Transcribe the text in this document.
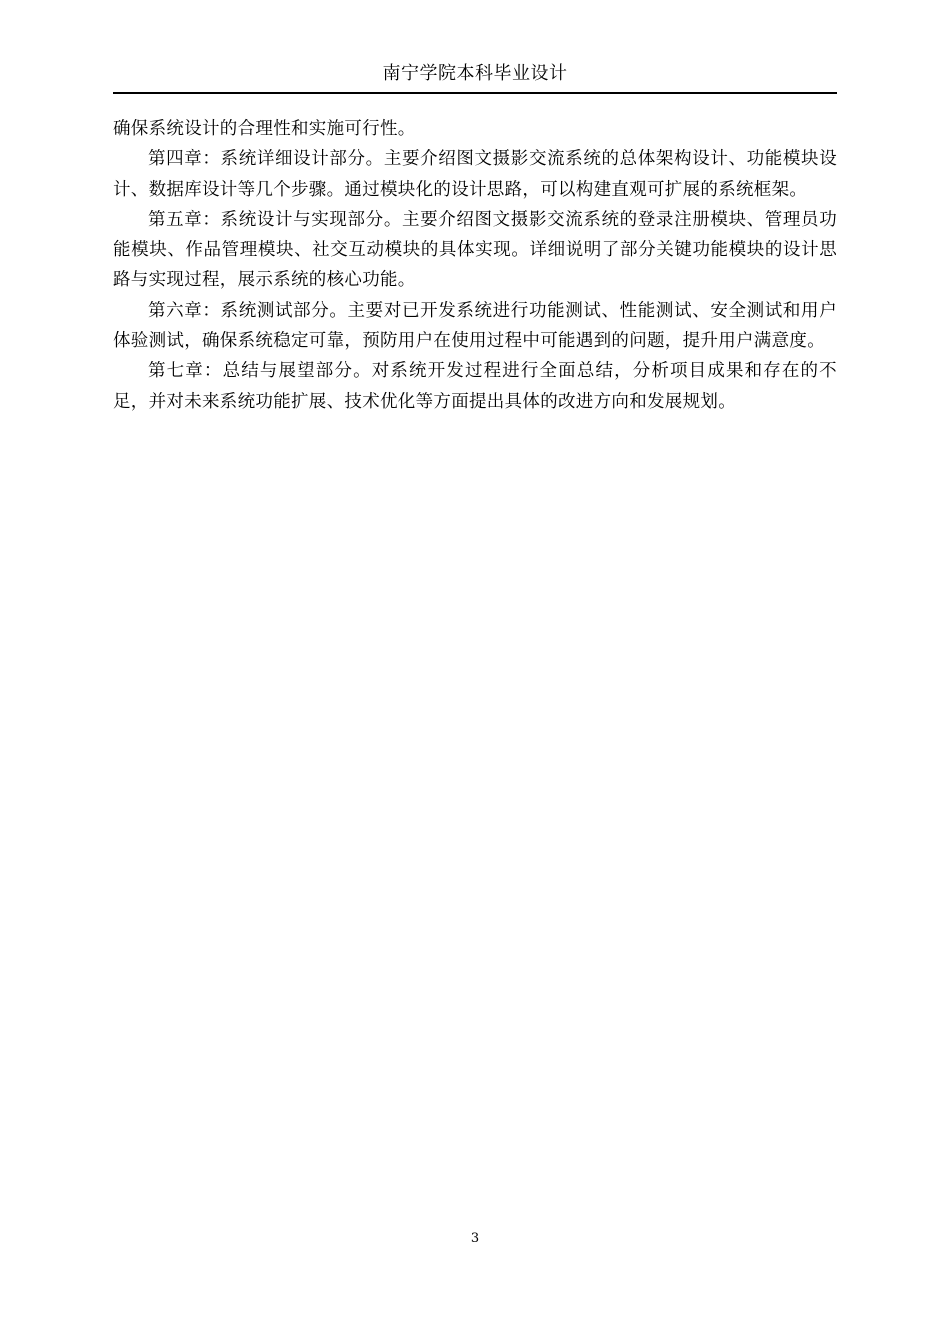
南宁学院本科毕业设计

确保系统设计的合理性和实施可行性。

第四章：系统详细设计部分。主要介绍图文摄影交流系统的总体架构设计、功能模块设计、数据库设计等几个步骤。通过模块化的设计思路，可以构建直观可扩展的系统框架。

第五章：系统设计与实现部分。主要介绍图文摄影交流系统的登录注册模块、管理员功能模块、作品管理模块、社交互动模块的具体实现。详细说明了部分关键功能模块的设计思路与实现过程，展示系统的核心功能。

第六章：系统测试部分。主要对已开发系统进行功能测试、性能测试、安全测试和用户体验测试，确保系统稳定可靠，预防用户在使用过程中可能遇到的问题，提升用户满意度。

第七章：总结与展望部分。对系统开发过程进行全面总结，分析项目成果和存在的不足，并对未来系统功能扩展、技术优化等方面提出具体的改进方向和发展规划。

3
